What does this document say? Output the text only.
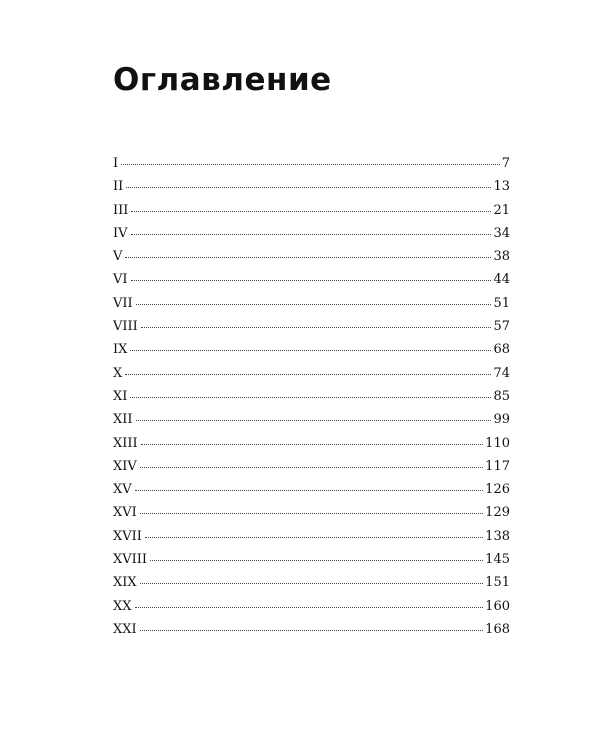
Оглавление
I	7
II	13
III	21
IV	34
V	38
VI	44
VII	51
VIII	57
IX	68
X	74
XI	85
XII	99
XIII	110
XIV	117
XV	126
XVI	129
XVII	138
XVIII	145
XIX	151
XX	160
XXI	168
